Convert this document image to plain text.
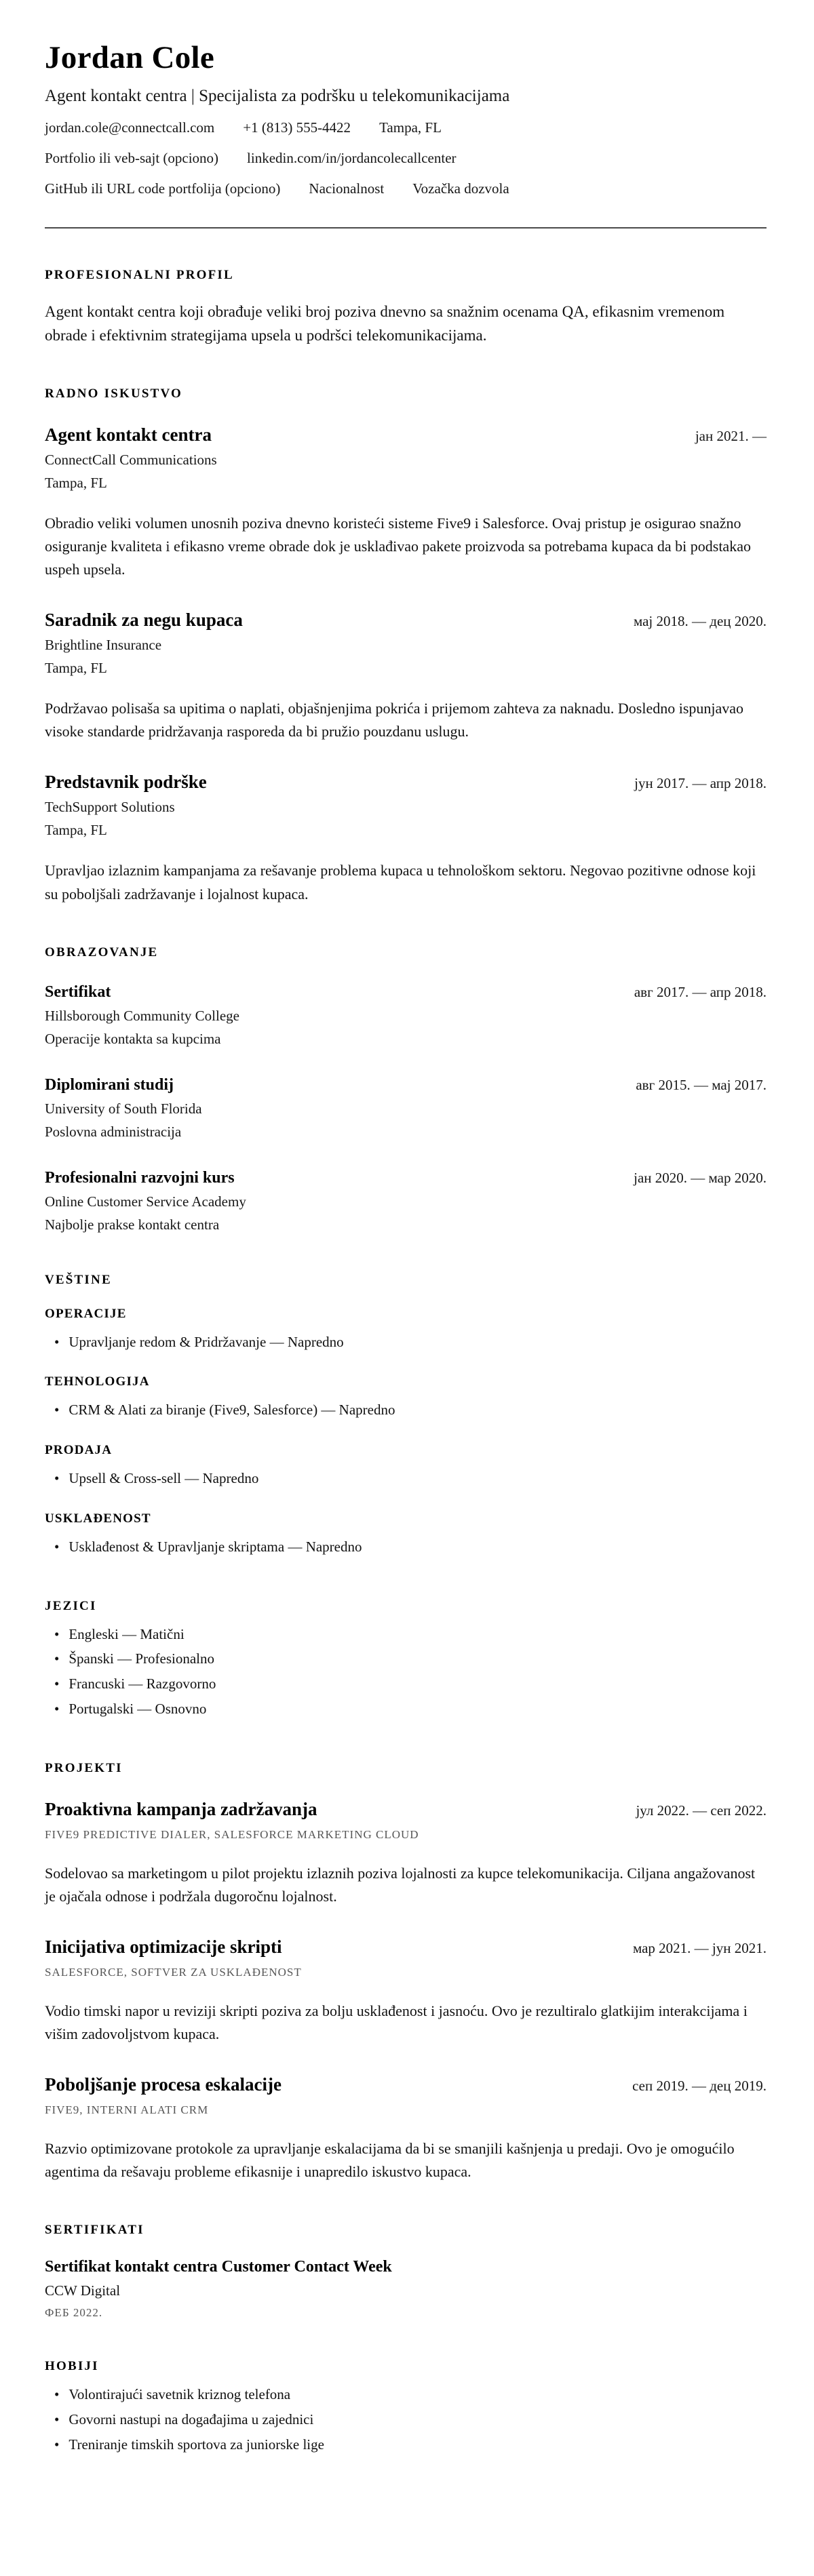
Jordan Cole
Agent kontakt centra | Specijalista za podršku u telekomunikacijama
jordan.cole@connectcall.com +1 (813) 555-4422 Tampa, FL
Portfolio ili veb-sajt (opciono) linkedin.com/in/jordancolecallcenter
GitHub ili URL code portfolija (opciono) Nacionalnost Vozačka dozvola
PROFESIONALNI PROFIL

Agent kontakt centra koji obrađuje veliki broj poziva dnevno sa snažnim ocenama QA, efikasnim vremenom obrade i efektivnim strategijama upsela u podršci telekomunikacijama.

RADNO ISKUSTVO
Agent kontakt centra	јан 2021. —
ConnectCall Communications
Tampa, FL

Obradio veliki volumen unosnih poziva dnevno koristeći sisteme Five9 i Salesforce. Ovaj pristup je osigurao snažno osiguranje kvaliteta i efikasno vreme obrade dok je usklađivao pakete proizvoda sa potrebama kupaca da bi podstakao uspeh upsela.

Saradnik za negu kupaca	мај 2018. — дец 2020.
Brightline Insurance
Tampa, FL

Podržavao polisaša sa upitima o naplati, objašnjenjima pokrića i prijemom zahteva za naknadu. Dosledno ispunjavao visoke standarde pridržavanja rasporeda da bi pružio pouzdanu uslugu.

Predstavnik podrške	јун 2017. — апр 2018.
TechSupport Solutions
Tampa, FL

Upravljao izlaznim kampanjama za rešavanje problema kupaca u tehnološkom sektoru. Negovao pozitivne odnose koji su poboljšali zadržavanje i lojalnost kupaca.

OBRAZOVANJE
Sertifikat	авг 2017. — апр 2018.
Hillsborough Community College
Operacije kontakta sa kupcima
Diplomirani studij	авг 2015. — мај 2017.
University of South Florida
Poslovna administracija
Profesionalni razvojni kurs	јан 2020. — мар 2020.
Online Customer Service Academy
Najbolje prakse kontakt centra
VEŠTINE
OPERACIJE
• Upravljanje redom & Pridržavanje — Napredno
TEHNOLOGIJA
• CRM & Alati za biranje (Five9, Salesforce) — Napredno
PRODAJA
• Upsell & Cross-sell — Napredno
USKLAĐENOST
• Usklađenost & Upravljanje skriptama — Napredno
JEZICI
• Engleski — Matični
• Španski — Profesionalno
• Francuski — Razgovorno
• Portugalski — Osnovno
PROJEKTI
Proaktivna kampanja zadržavanja	јул 2022. — сеп 2022.
FIVE9 PREDICTIVE DIALER, SALESFORCE MARKETING CLOUD

Sodelovao sa marketingom u pilot projektu izlaznih poziva lojalnosti za kupce telekomunikacija. Ciljana angažovanost je ojačala odnose i podržala dugoročnu lojalnost.

Inicijativa optimizacije skripti	мар 2021. — јун 2021.
SALESFORCE, SOFTVER ZA USKLAĐENOST

Vodio timski napor u reviziji skripti poziva za bolju usklađenost i jasnoću. Ovo je rezultiralo glatkijim interakcijama i višim zadovoljstvom kupaca.

Poboljšanje procesa eskalacije	сеп 2019. — дец 2019.
FIVE9, INTERNI ALATI CRM

Razvio optimizovane protokole za upravljanje eskalacijama da bi se smanjili kašnjenja u predaji. Ovo je omogućilo agentima da rešavaju probleme efikasnije i unapredilo iskustvo kupaca.

SERTIFIKATI
Sertifikat kontakt centra Customer Contact Week
CCW Digital
ФЕБ 2022.
HOBIJI
• Volontirajući savetnik kriznog telefona
• Govorni nastupi na događajima u zajednici
• Treniranje timskih sportova za juniorske lige
